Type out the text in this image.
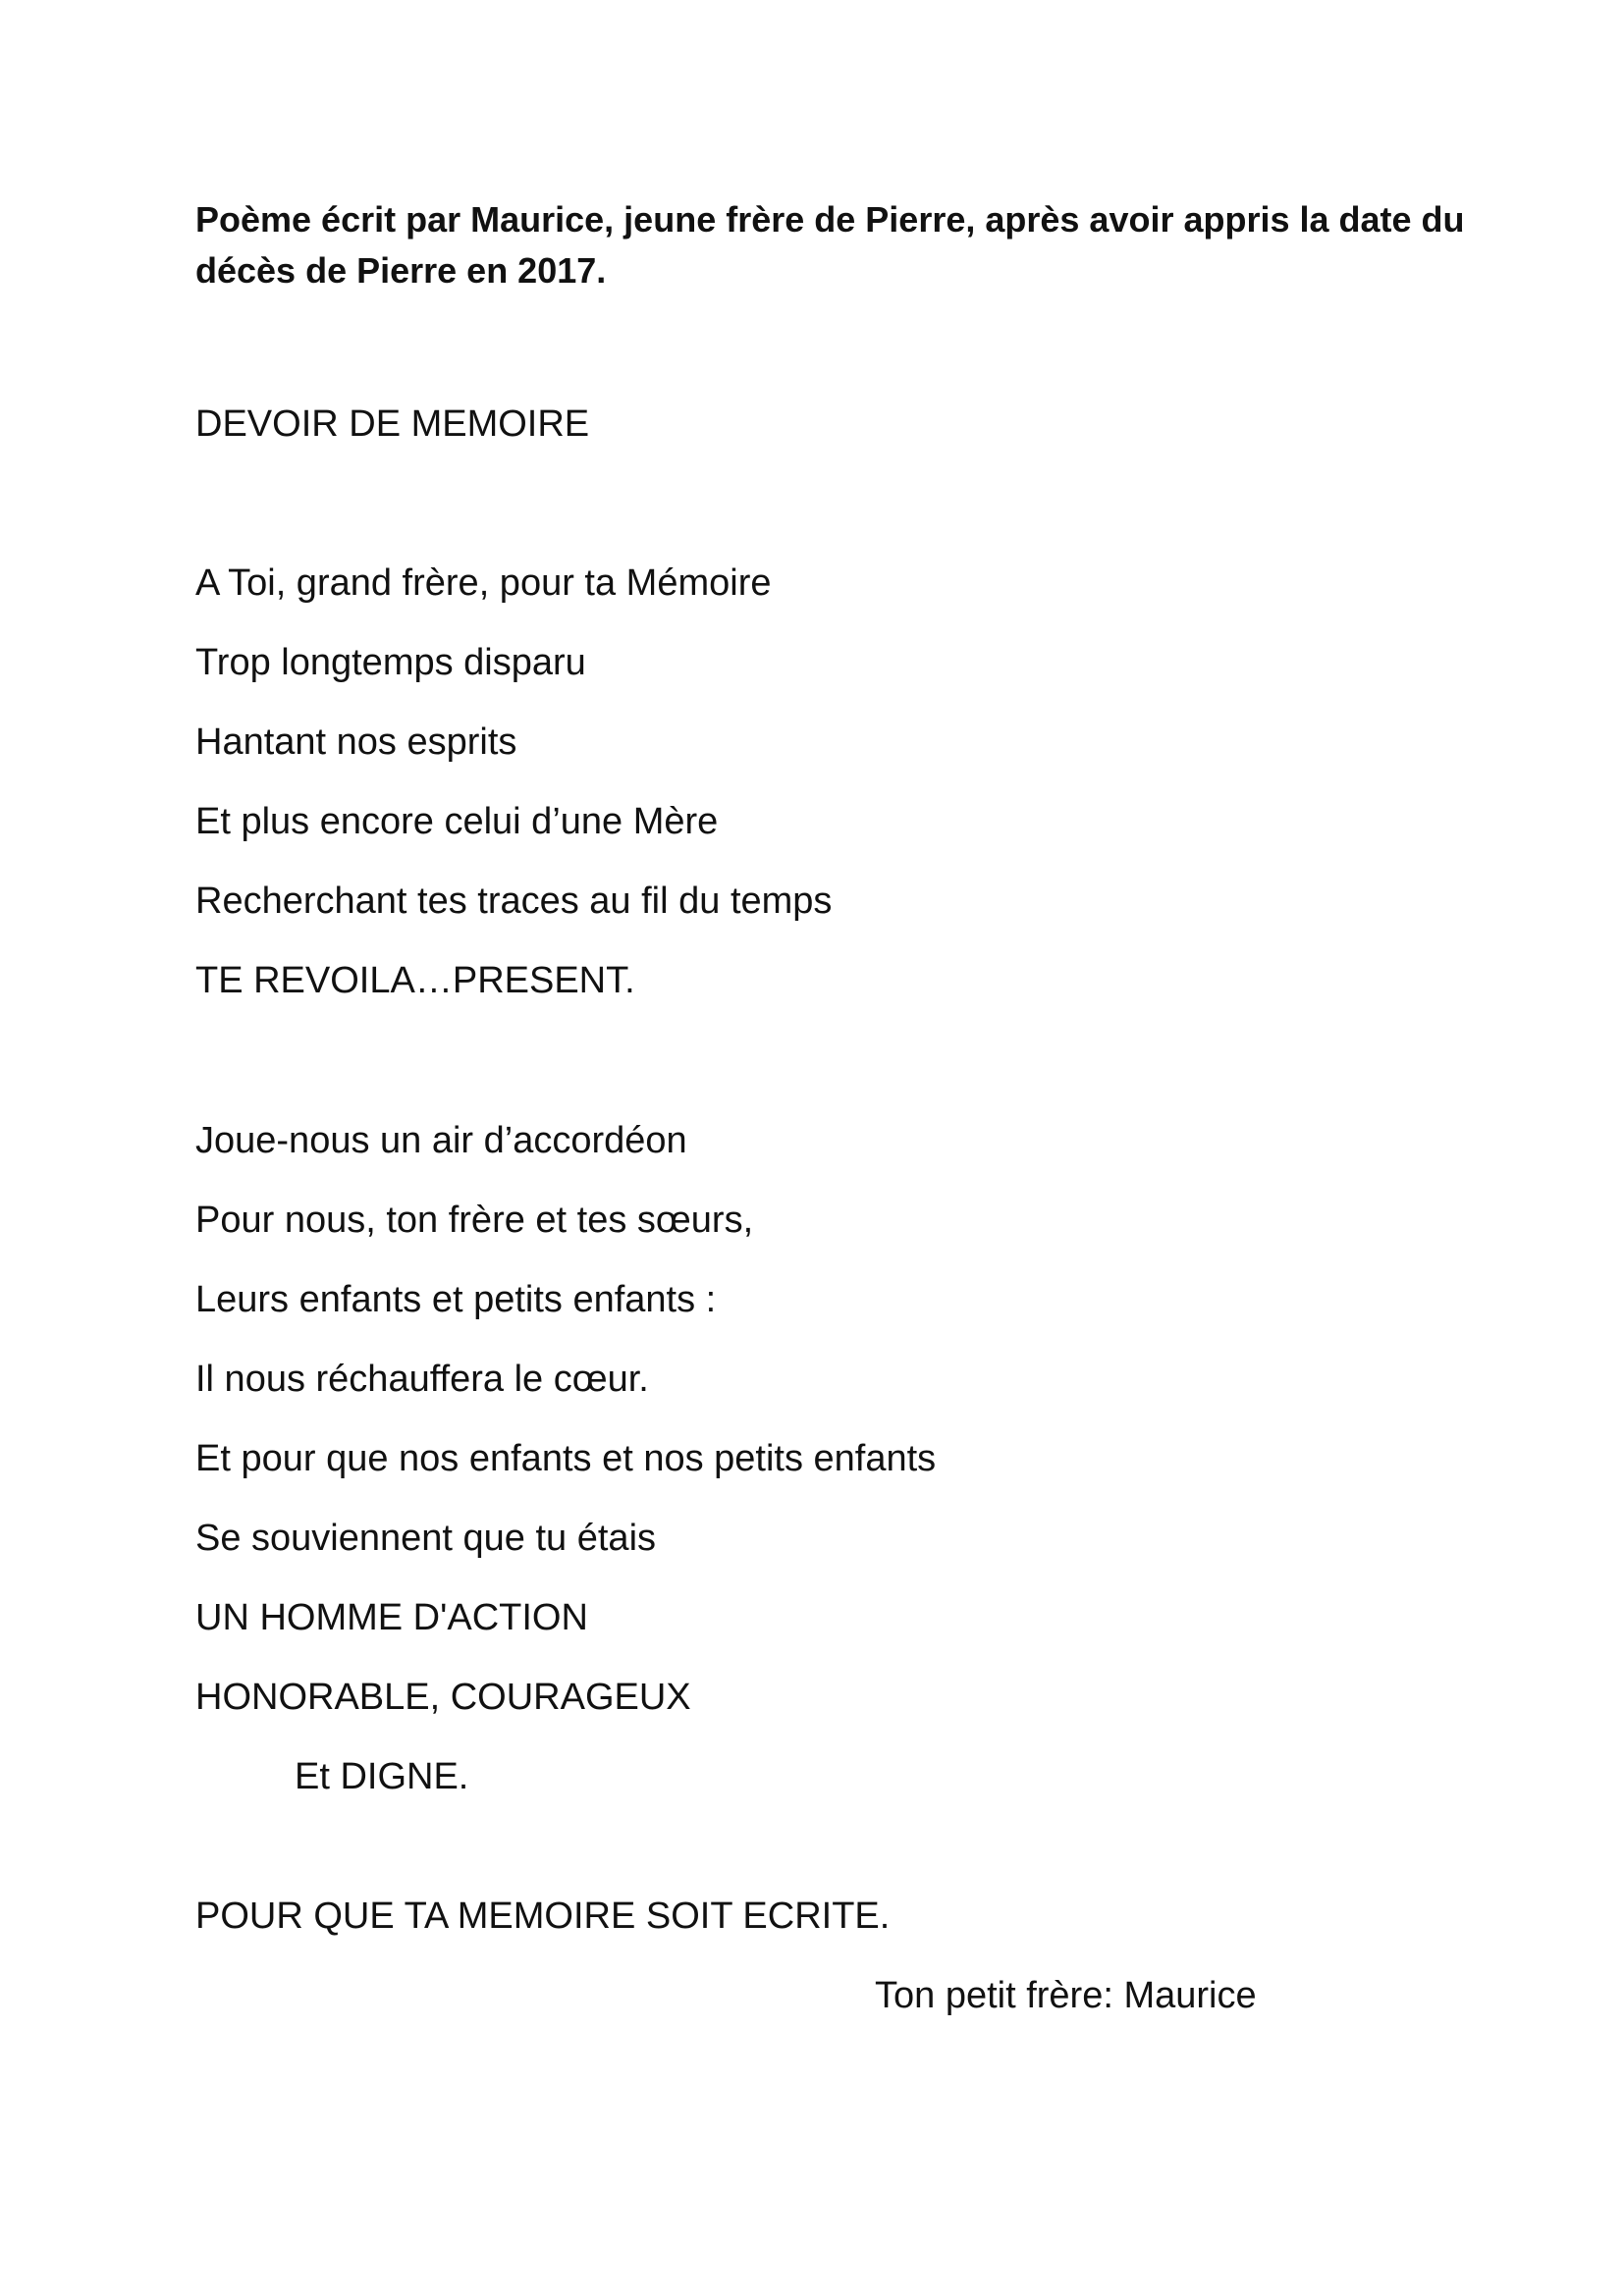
Poème écrit par Maurice, jeune frère de Pierre, après avoir appris la date du décès de Pierre en 2017.

DEVOIR DE MEMOIRE

A Toi, grand frère, pour ta Mémoire

Trop longtemps disparu

Hantant nos esprits

Et plus encore celui d’une Mère

Recherchant tes traces au fil du temps

TE REVOILA…PRESENT.

Joue-nous un air d’accordéon

Pour nous, ton frère et tes sœurs,

Leurs enfants et petits enfants :

Il nous réchauffera le cœur.

Et pour que nos enfants et nos petits enfants

Se souviennent que tu étais

UN HOMME D'ACTION

HONORABLE, COURAGEUX

Et DIGNE.

POUR QUE TA MEMOIRE SOIT ECRITE.

Ton petit frère: Maurice
